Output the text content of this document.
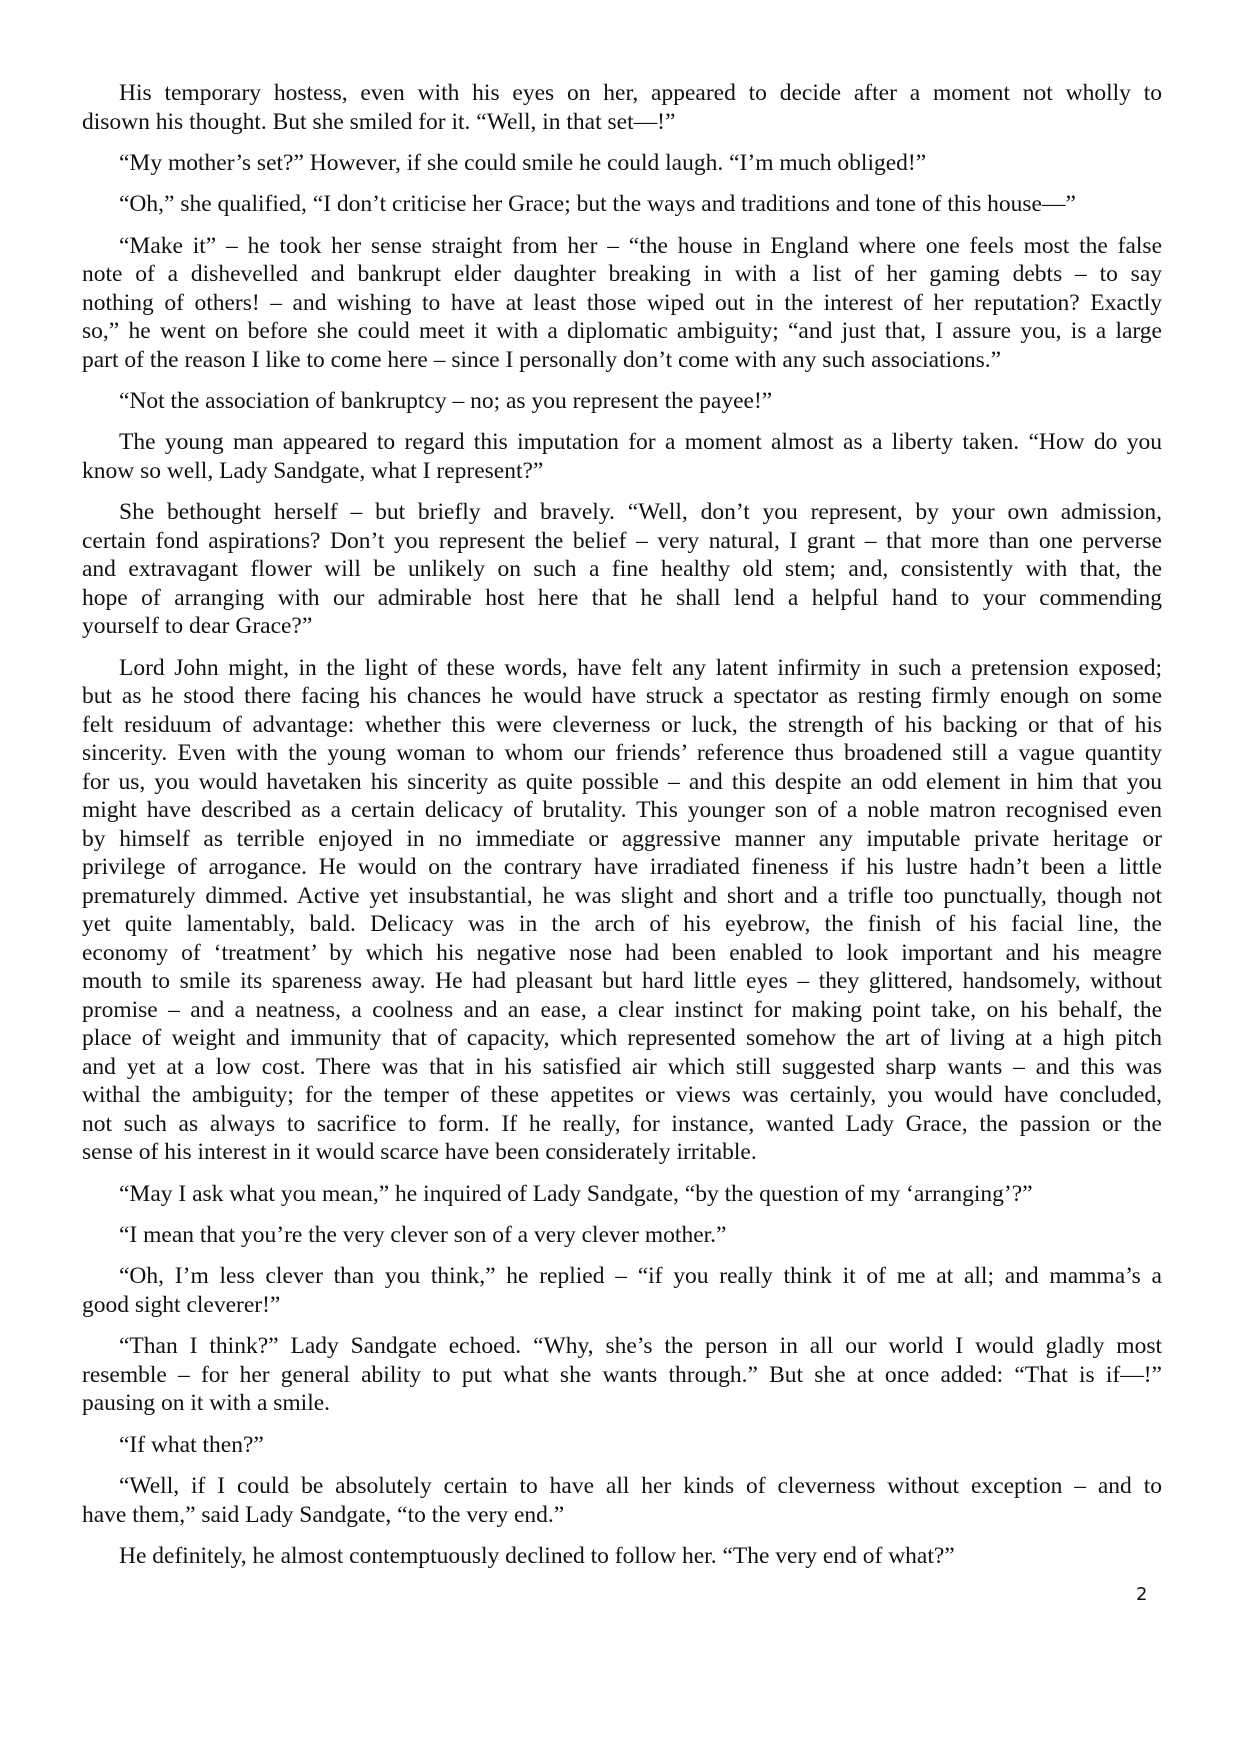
His temporary hostess, even with his eyes on her, appeared to decide after a moment not wholly to
disown his thought. But she smiled for it. “Well, in that set—!”
“My mother’s set?” However, if she could smile he could laugh. “I’m much obliged!”
“Oh,” she qualified, “I don’t criticise her Grace; but the ways and traditions and tone of this house—”
“Make it” – he took her sense straight from her – “the house in England where one feels most the false
note of a dishevelled and bankrupt elder daughter breaking in with a list of her gaming debts – to say
nothing of others! – and wishing to have at least those wiped out in the interest of her reputation? Exactly
so,” he went on before she could meet it with a diplomatic ambiguity; “and just that, I assure you, is a large
part of the reason I like to come here – since I personally don’t come with any such associations.”
“Not the association of bankruptcy – no; as you represent the payee!”
The young man appeared to regard this imputation for a moment almost as a liberty taken. “How do you
know so well, Lady Sandgate, what I represent?”
She bethought herself – but briefly and bravely. “Well, don’t you represent, by your own admission,
certain fond aspirations? Don’t you represent the belief – very natural, I grant – that more than one perverse
and extravagant flower will be unlikely on such a fine healthy old stem; and, consistently with that, the
hope of arranging with our admirable host here that he shall lend a helpful hand to your commending
yourself to dear Grace?”
Lord John might, in the light of these words, have felt any latent infirmity in such a pretension exposed;
but as he stood there facing his chances he would have struck a spectator as resting firmly enough on some
felt residuum of advantage: whether this were cleverness or luck, the strength of his backing or that of his
sincerity. Even with the young woman to whom our friends’ reference thus broadened still a vague quantity
for us, you would havetaken his sincerity as quite possible – and this despite an odd element in him that you
might have described as a certain delicacy of brutality. This younger son of a noble matron recognised even
by himself as terrible enjoyed in no immediate or aggressive manner any imputable private heritage or
privilege of arrogance. He would on the contrary have irradiated fineness if his lustre hadn’t been a little
prematurely dimmed. Active yet insubstantial, he was slight and short and a trifle too punctually, though not
yet quite lamentably, bald. Delicacy was in the arch of his eyebrow, the finish of his facial line, the
economy of ‘treatment’ by which his negative nose had been enabled to look important and his meagre
mouth to smile its spareness away. He had pleasant but hard little eyes – they glittered, handsomely, without
promise – and a neatness, a coolness and an ease, a clear instinct for making point take, on his behalf, the
place of weight and immunity that of capacity, which represented somehow the art of living at a high pitch
and yet at a low cost. There was that in his satisfied air which still suggested sharp wants – and this was
withal the ambiguity; for the temper of these appetites or views was certainly, you would have concluded,
not such as always to sacrifice to form. If he really, for instance, wanted Lady Grace, the passion or the
sense of his interest in it would scarce have been considerately irritable.
“May I ask what you mean,” he inquired of Lady Sandgate, “by the question of my ‘arranging’?”
“I mean that you’re the very clever son of a very clever mother.”
“Oh, I’m less clever than you think,” he replied – “if you really think it of me at all; and mamma’s a
good sight cleverer!”
“Than I think?” Lady Sandgate echoed. “Why, she’s the person in all our world I would gladly most
resemble – for her general ability to put what she wants through.” But she at once added: “That is if—!”
pausing on it with a smile.
“If what then?”
“Well, if I could be absolutely certain to have all her kinds of cleverness without exception – and to
have them,” said Lady Sandgate, “to the very end.”
He definitely, he almost contemptuously declined to follow her. “The very end of what?”
2
